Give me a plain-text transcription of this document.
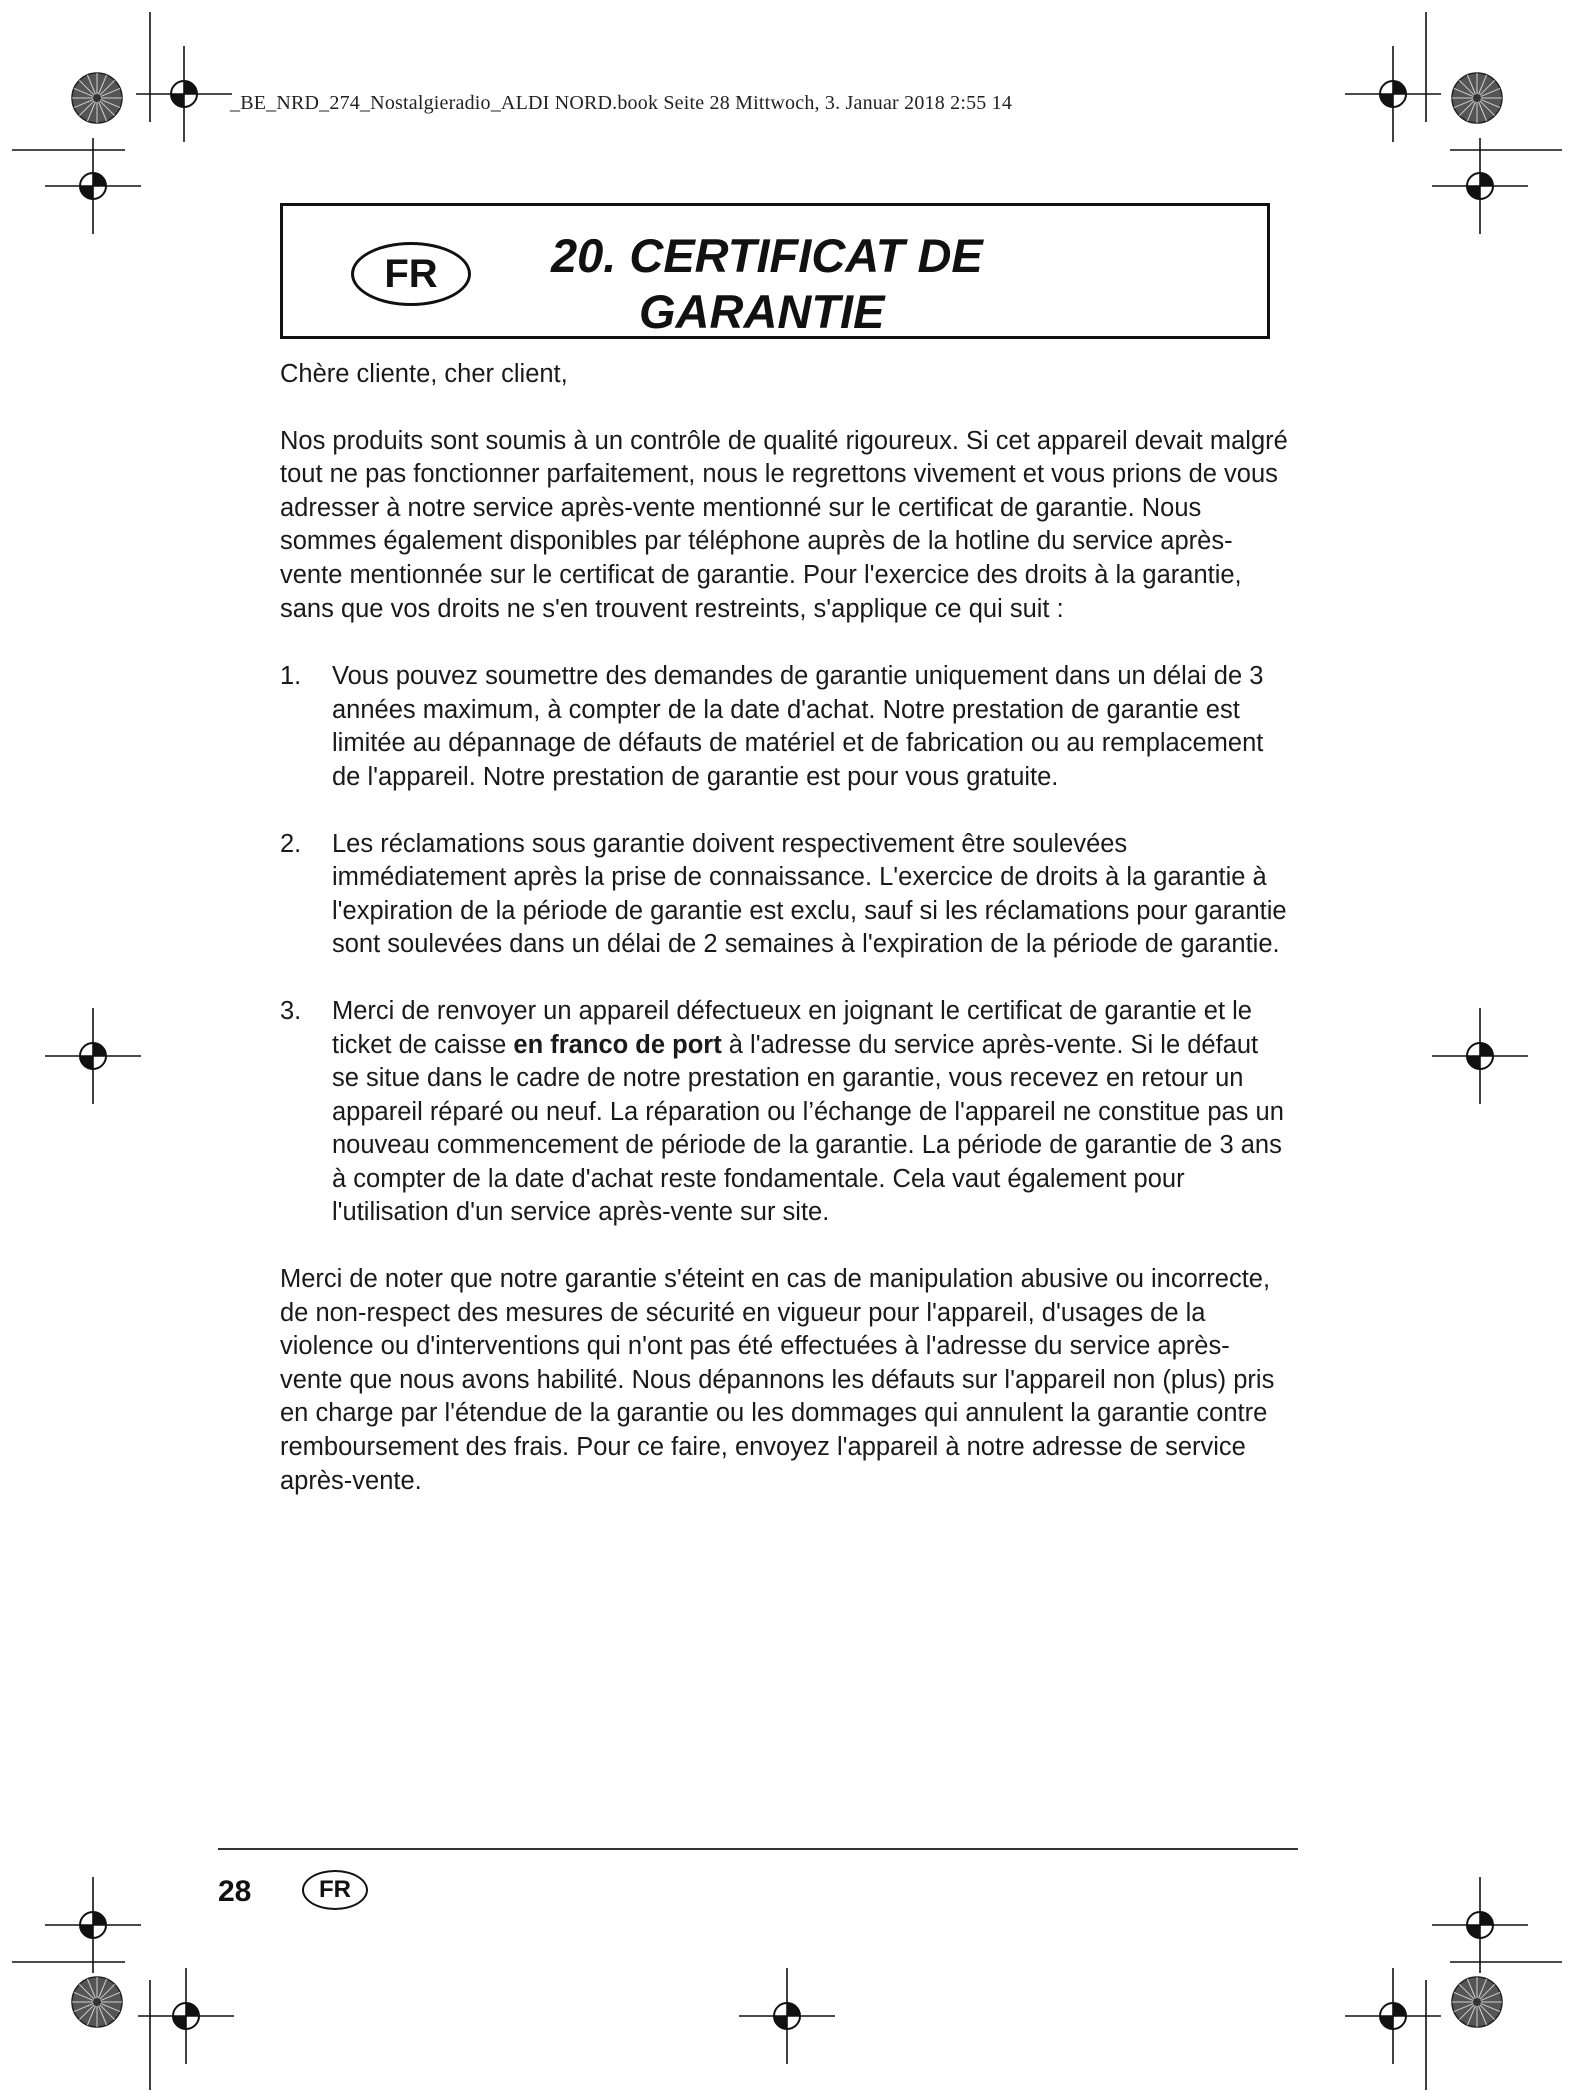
_BE_NRD_274_Nostalgieradio_ALDI NORD.book Seite 28 Mittwoch, 3. Januar 2018 2:55 14
FR	20. CERTIFICAT DE
GARANTIE

Chère cliente, cher client,

Nos produits sont soumis à un contrôle de qualité rigoureux. Si cet appareil devait malgré tout ne pas fonctionner parfaitement, nous le regrettons vivement et vous prions de vous adresser à notre service après-vente mentionné sur le certificat de garantie. Nous sommes également disponibles par téléphone auprès de la hotline du service après-vente mentionnée sur le certificat de garantie. Pour l'exercice des droits à la garantie, sans que vos droits ne s'en trouvent restreints, s'applique ce qui suit :

1. Vous pouvez soumettre des demandes de garantie uniquement dans un délai de 3 années maximum, à compter de la date d'achat. Notre prestation de garantie est limitée au dépannage de défauts de matériel et de fabrication ou au remplacement de l'appareil. Notre prestation de garantie est pour vous gratuite.
2. Les réclamations sous garantie doivent respectivement être soulevées immédiatement après la prise de connaissance. L'exercice de droits à la garantie à l'expiration de la période de garantie est exclu, sauf si les réclamations pour garantie sont soulevées dans un délai de 2 semaines à l'expiration de la période de garantie.
3. Merci de renvoyer un appareil défectueux en joignant le certificat de garantie et le ticket de caisse en franco de port à l'adresse du service après-vente. Si le défaut se situe dans le cadre de notre prestation en garantie, vous recevez en retour un appareil réparé ou neuf. La réparation ou l’échange de l'appareil ne constitue pas un nouveau commencement de période de la garantie. La période de garantie de 3 ans à compter de la date d'achat reste fondamentale. Cela vaut également pour l'utilisation d'un service après-vente sur site.

Merci de noter que notre garantie s'éteint en cas de manipulation abusive ou incorrecte, de non-respect des mesures de sécurité en vigueur pour l'appareil, d'usages de la violence ou d'interventions qui n'ont pas été effectuées à l'adresse du service après-vente que nous avons habilité. Nous dépannons les défauts sur l'appareil non (plus) pris en charge par l'étendue de la garantie ou les dommages qui annulent la garantie contre remboursement des frais. Pour ce faire, envoyez l'appareil à notre adresse de service après-vente.

28	FR
